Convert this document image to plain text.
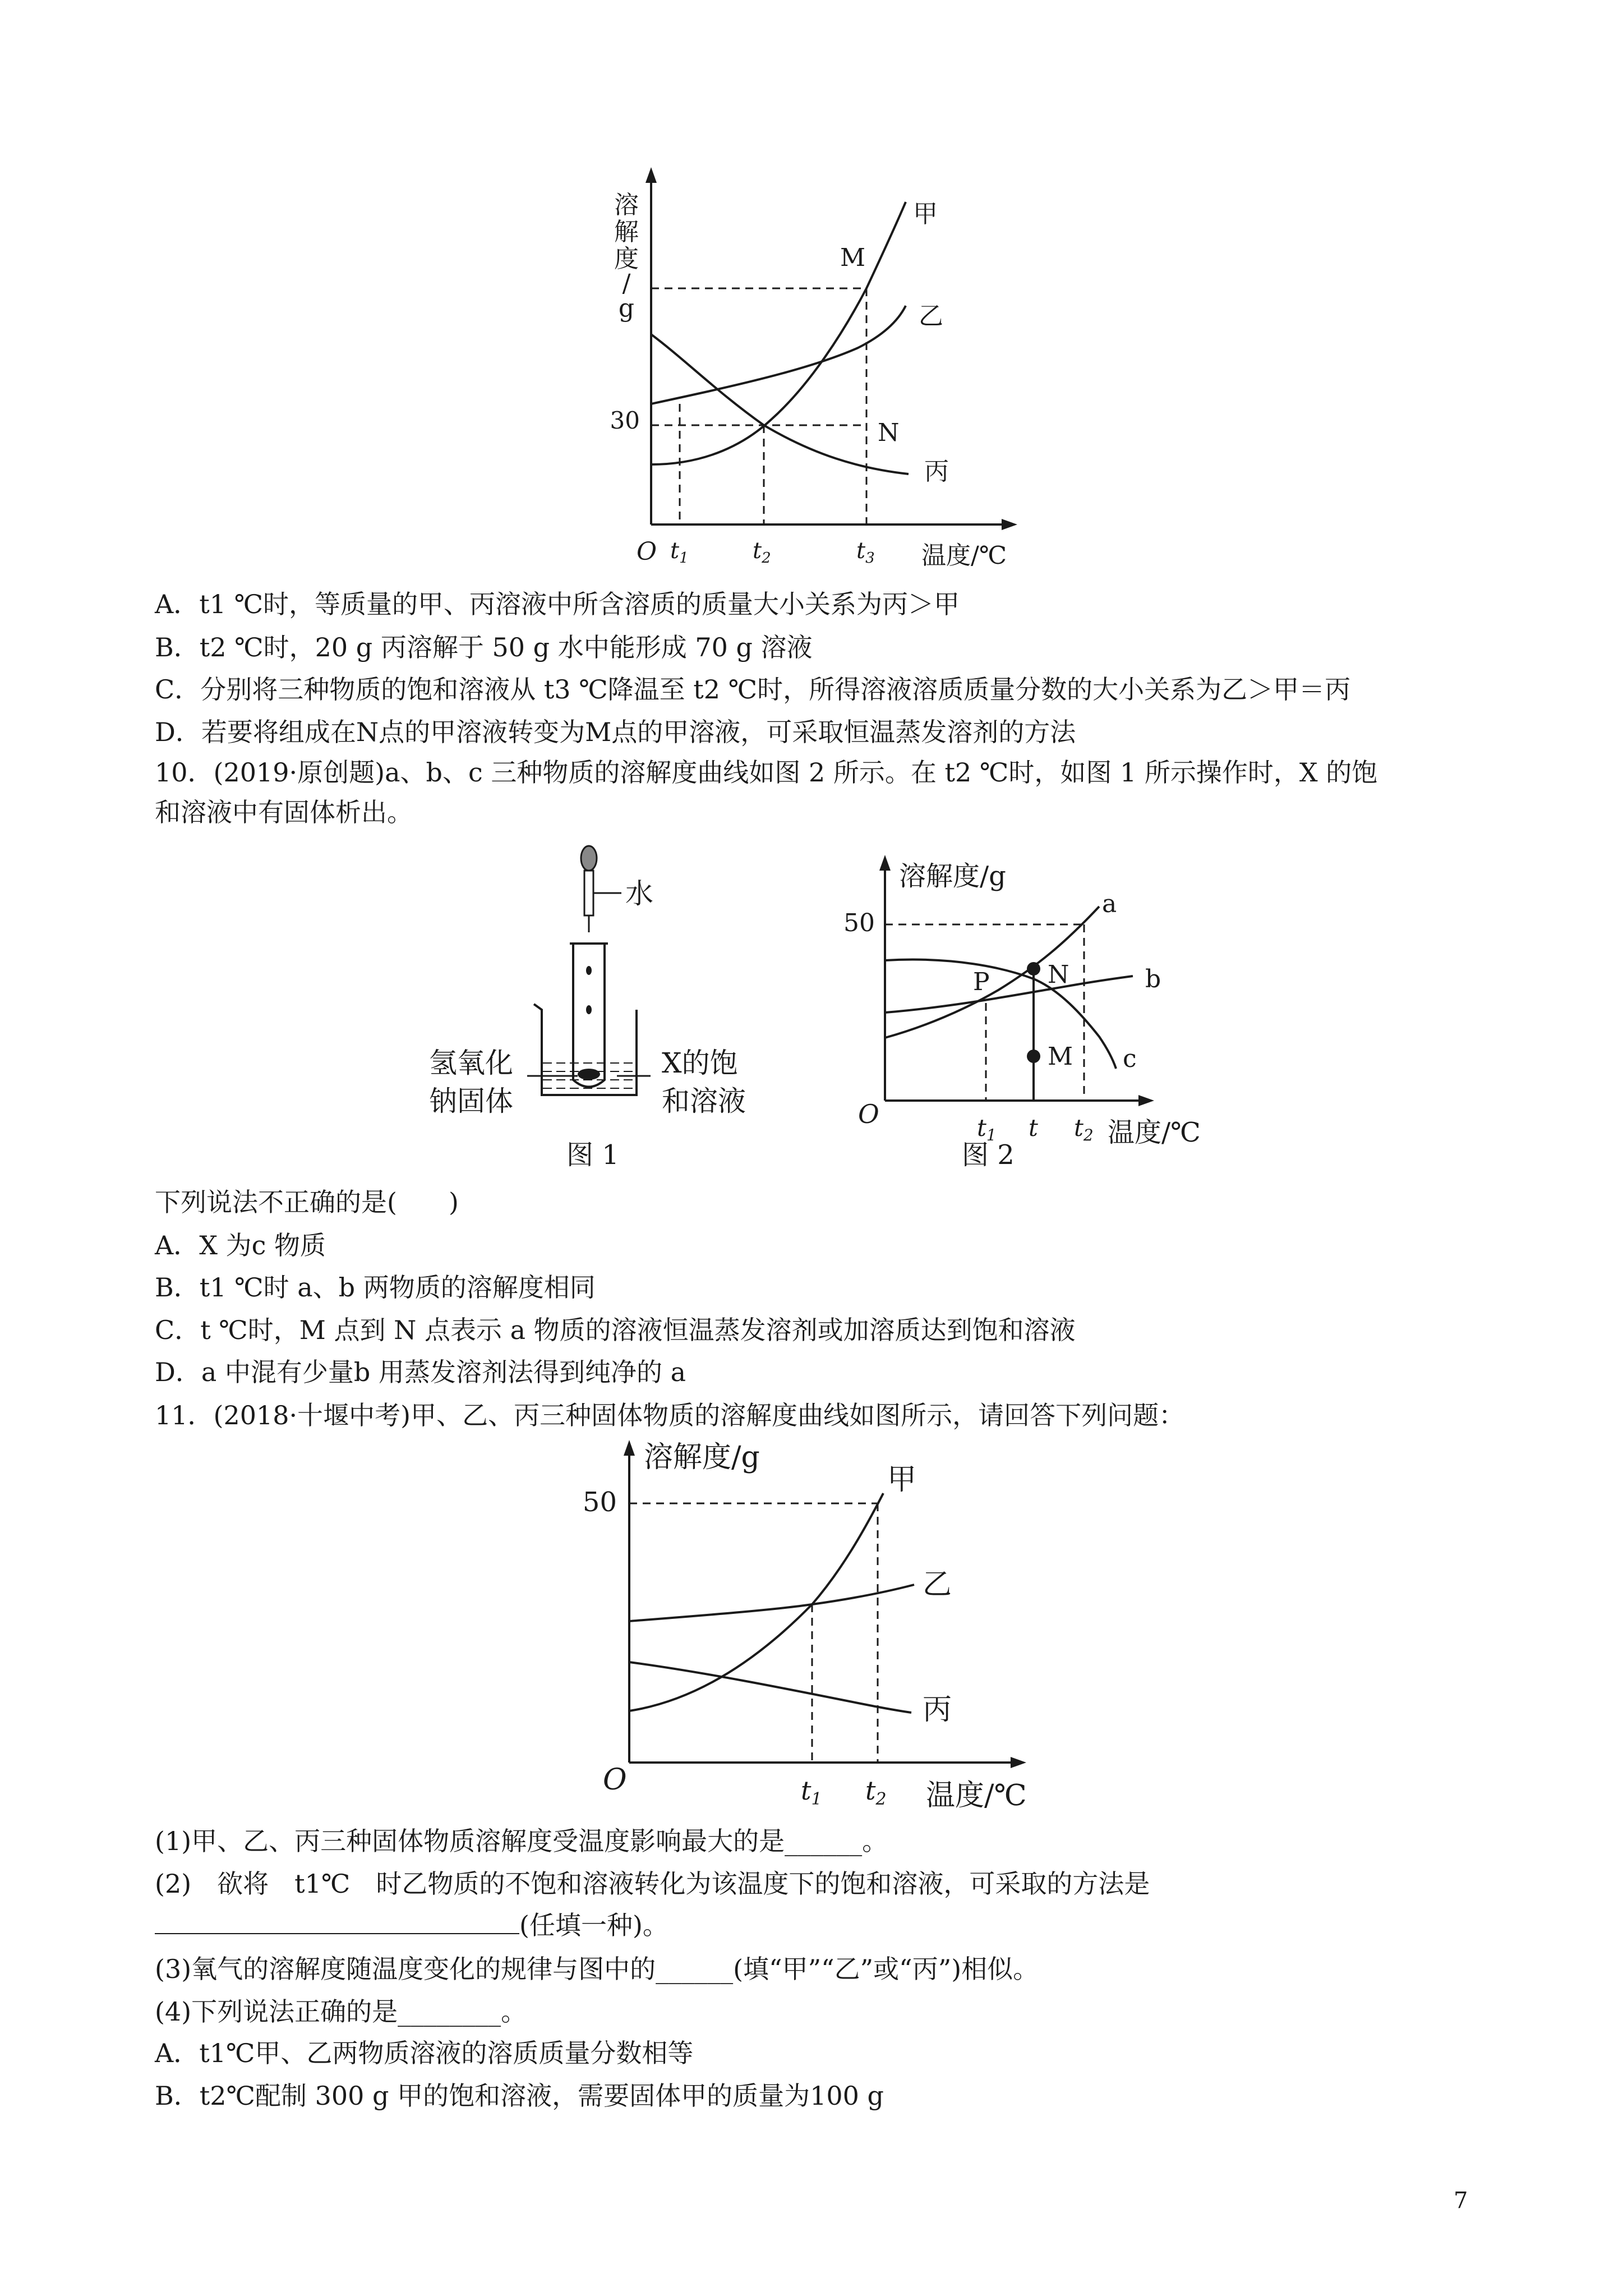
溶
解
度
/
g
O
30
温度/℃
$t_1$	$t_2$	$t_3$
M
N
甲
乙
丙
A．t1 ℃时，等质量的甲、丙溶液中所含溶质的质量大小关系为丙＞甲
B．t2 ℃时，20 g 丙溶解于 50 g 水中能形成 70 g 溶液
C．分别将三种物质的饱和溶液从 t3 ℃降温至 t2 ℃时，所得溶液溶质质量分数的大小关系为乙＞甲＝丙
D．若要将组成在N点的甲溶液转变为M点的甲溶液，可采取恒温蒸发溶剂的方法
10．(2019·原创题)a、b、c 三种物质的溶解度曲线如图 2 所示。在 t2 ℃时，如图 1 所示操作时，X 的饱
和溶液中有固体析出。
水
氢氧化
钠固体
X的饱
和溶液
图 1
溶解度/g
50
O
温度/℃
t1 t t2
P N
M
a
b
c
图 2
下列说法不正确的是(　　)
A．X 为c 物质
B．t1 ℃时 a、b 两物质的溶解度相同
C．t ℃时，M 点到 N 点表示 a 物质的溶液恒温蒸发溶剂或加溶质达到饱和溶液
D．a 中混有少量b 用蒸发溶剂法得到纯净的 a
11．(2018·十堰中考)甲、乙、丙三种固体物质的溶解度曲线如图所示，请回答下列问题：
溶解度/g
50
O	温度/℃
t1 t2
甲
乙
丙
(1)甲、乙、丙三种固体物质溶解度受温度影响最大的是______。
(2)　欲将　t1℃　时乙物质的不饱和溶液转化为该温度下的饱和溶液，可采取的方法是
(任填一种)。
(3)氧气的溶解度随温度变化的规律与图中的______(填“甲”“乙”或“丙”)相似。
(4)下列说法正确的是________。
A．t1℃甲、乙两物质溶液的溶质质量分数相等
B．t2℃配制 300 g 甲的饱和溶液，需要固体甲的质量为100 g
7
